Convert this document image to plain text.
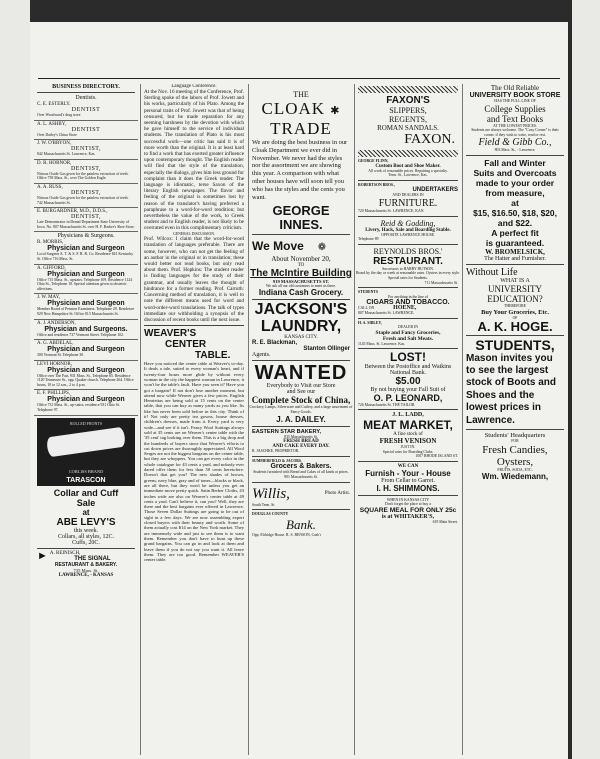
BUSINESS DIRECTORY.
Dentists.
C. E. ESTERLY.
DENTIST
Over Woodward's drug store
A. L. ASHBY,
DENTIST
Over Dailey's China Store
J. W. O'BRYON,
DENTIST,
842 Massachusetts St. Lawrence, Kas.
D. R. HORNOR,
DENTIST,
Nitrous Oxide Gas given for the painless extraction of teeth. Office 739 Mass. St., over The Golden Eagle.
A. A. RUSS,
DENTIST,
Nitrous Oxide Gas given for the painless extraction of teeth. 742 Massachusetts St.
E. BURGARDNER, M.D., D.D.S.,
DENTIST,
Late Demonstrator in Dental Department State University of Iowa. No. 807 Massachusetts St. over H. F. Barker's Shoe Store.
Physicians & Surgeons.
R. MORRIS,
Physician and Surgeon
Local Surgeon A. T. & S. F. R. R. Co. Residence 841 Kentucky St. Office 716 Mass. St.
A. GIFFORD,
Physician and Surgeon
Office 715 Mass. St., upstairs. Telephone 109. Residence 1124 Ohio St., Telephone 18. Special attention given to obstetric affections.
J. W. MAY,
Physician and Surgeon
Member Board of Pension Examiners. Telephone 29. Residence 929 New Hampshire St. Office 813 Massachusetts St.
A. J. ANDERSON,
Physician and Surgeons.
Office and residence 737 Vermont Street. Telephone 102.
A. G. ABDELAL,
Physician and Surgeon
300 Vermont St. Telephone 30.
LEVI HORNOR,
Physician and Surgeon
Office over The Fair, 931 Mass. St., Telephone 65. Residence 1120 Tennessee St., opp. Quaker church. Telephone 264. Office hours, 10 to 12 a.m., 2 to 4 p.m.
E. F. PHILLIPS,
Physician and Surgeon
Office 731 Mass. St., up-stairs; residence 931 Ohio St. Telephone 97.
ROLLED FRONTS
CORLISS BRAND
TARASCON
Collar and Cuff
Sale
at
ABE LEVY'S
this week.
Collars, all styles, 12C.
Cuffs, 20C.
► A. REINISCH,
THE SIGNAL
RESTAURANT & BAKERY.
735 Mass. St.
LAWRENCE, - KANSAS
Language Conference.
At the Nov. 16 meeting of the Conference, Prof. Sterling spoke of the labors of Prof. Jowett and his works, particularly of his Plato. Among the personal traits of Prof. Jowett was that of being censured, but he made reparation for any seeming harshness by the devotion with which he gave himself to the service of individual students. The translation of Plato is his most successful work—one critic has said it is of more worth than the original. It is at least hard to find a work that has exerted greater influence upon contemporary thought. The English reader will find that the style of the translation, especially the dialogs, gives him less ground for complaint than it does the Greek reader. The language is idiomatic, terse Saxon of the literary English newspaper. The flavor and feeling of the original is sometimes lost by reason of the translator's having preferred a paraphrase to a word-for-word rendition; but nevertheless the value of the work, to Greek student and to English reader, is not likely to be overrated even in this complimentary criticism.
GENERAL DISCUSSION.
Prof. Wilcox: I claim that the word-for-word translation of languages preferable. There are some, however, who can not get the feeling of an author in the original or in translation; these would better not read books, but only read about them. Prof. Hopkins: The student reader is finding languages for the study of their grammar, and usually leaves the thought of hindrance for a former reading. Prof. Carruth: Concerning method of translation, it is well to note the different means used for word and word-order-word translations. The talk of types immediate our withholding a synopsis of the discussion of recent books until the next issue.
WEAVER'S
CENTER
TABLE.
Have you noticed the center table at Weaver's to-day. It deals a tale, suited to every woman's heart, and if twenty-four hours more glide by without every woman in the city the happiest woman in Lawrence, it won't be the table's fault. Have you seen it? Have you got a bargain? If not don't lose another moment, but attend now while Weaver gives a few prices. English Henriettas are being sold at 15 cents on the center table, that you can buy as many yards as you like. Its like has never been sold before in this city. Think of it! Not only are pretty tea gowns, house dresses, children's dresses, made from it. Every yard is very wide—and see if it isn't. Fancy Wool Suitings always sold at 35 cents are on Weaver's center table with the '35 cent' tag looking over them. This is a big drop and the hundreds of buyers since that Weaver's efforts to cut down prices are thoroughly appreciated. All Wool Serges are not the biggest bargains on the center table, but they are whoppers. You can get every color in the whole catalogue for 43 cents a yard, and nobody ever dared offer them for less than 50 cents heretofore. Doesn't that get you? The new shades of brown, greens, navy blue, gray and of tones—blacks or black, are all there, but they won't be unless you get an immediate move pretty quick. Satin Berber Cloths, 43 inches wide are also on Weaver's center table at 49 cents a yard. Can't believe it, can you? Well, they are there and the best bargains ever offered in Lawrence. Those Seven Dollar Suitings are going to be out of sight in a few days. We are now assembling expert closed buyers with their beauty and worth. Some of them actually cost $14 on the New York market. They are immensely wide and just to see them is to want them. Remember you don't have to hunt up these grand bargains. You can go in and look at them and leave them if you do not say you want it. All leave them. They are too good. Remember WEAVER'S center table.
THE
CLOAK ✱ TRADE
We are doing the best business in our Cloak Department we ever did in November. We never had the styles nor the assortment we are showing this year. A comparison with what other houses have will soon tell you who has the styles and the cents you want.
GEORGE INNES.
We Move ❁
About November 20,
TO
The McIntire Building
919 MASSACHUSETTS ST.
We ask all our old customers to meet us there.
Indiana Cash Grocery.
JACKSON'S
LAUNDRY,
KANSAS CITY.
R. E. Blackman,
Stanton Ollinger
Agents.
WANTED
Everybody to Visit our Store
and See our
Complete Stock of China,
Crockery, Lamps, Silverware and Cutlery, and a large assortment of Fancy Goods.
J. A. DAILEY.
EASTERN STAR BAKERY,
835 Massachusetts St.
FRESH BREAD
AND CAKE EVERY DAY.
R. JASCHKE, PROPRIETOR.
SUMMERFIELD & JACOBS,
Grocers & Bakers.
Students furnished with Bread and Cakes of all kinds at prices.
901 Massachusetts St.
Willis,	Photo Artist.
South Tenn. St.
DOUGLAS COUNTY
Bank.
Opp. Eldridge House. R. S. BENSON, Cash'r
FAXON'S
SLIPPERS,
REGENTS,
ROMAN SANDALS.
FAXON.
GEORGE FLINN,
Custom Boot and Shoe Maker.
All work of reasonable prices. Repairing a specialty.
Tenn. St., Lawrence, Kas.
ROBERTSON BROS.,
UNDERTAKERS
AND DEALERS IN
FURNITURE.
720 Massachusetts St. LAWRENCE, KAN.
Reid & Godding,
Livery, Hack, Sale and Boarding Stable.
OPPOSITE LAWRENCE HOUSE.
Telephone 89
REYNOLDS BROS.'
RESTAURANT.
Successors to HARRY HUTSON.
Board by the day or week at reasonable rates. Oysters in every style. Special rates for Students.
711 Massachusetts St.
STUDENTS
For anything in the line of
CIGARS AND TOBACCO.
CALL ON	HOENE,
807 Massachusetts St. LAWRENCE.
H. A. SIBLEY,
DEALER IN
Staple and Fancy Groceries,
Fresh and Salt Meats.
1145 Mass. St. Lawrence, Kas.
LOST!
Between the Postoffice and Watkins National Bank.
$5.00
By not buying your Fall Suit of
O. P. LEONARD,
726 Massachusetts St. THE TAILOR.
J. L. LADD,
MEAT MARKET,
A fine stock of
FRESH VENISON
JUST IN.
Special rates for Boarding Clubs.
1007 RHODE ISLAND ST.
WE CAN
Furnish - Your - House
From Cellar to Garret.
I. H. SHIMMONS.
WHEN IN KANSAS CITY
Don't forget the place to buy a
SQUARE MEAL FOR ONLY 25c
is at WHITAKER'S,
619 Main Street.
The Old Reliable
UNIVERSITY BOOK STORE
HAS THE FULL LINE OF
College Supplies
and Text Books
AT THE LOWEST PRICES.
Students are always welcome. The "Cozy Corner" is their corner, if they wish to write, read or rest.
Field & Gibb Co.,
803 Mass. St., - Lawrence.
Fall and Winter
Suits and Overcoats
made to your order
from measure,
at
$15, $16.50, $18, $20,
and $22.
A perfect fit
is guaranteed.
W. BROMELSICK,
The Hatter and Furnisher.
Without Life
WHAT IS A
UNIVERSITY EDUCATION?
THEREFORE
Buy Your Groceries, Etc.
OF
A. K. HOGE.
STUDENTS,
Mason invites you to see the largest stock of Boots and Shoes and the lowest prices in Lawrence.
Students' Headquarters
FOR
Fresh Candies,
Oysters,
FRUITS, SODA, ETC.
Wm. Wiedemann,
